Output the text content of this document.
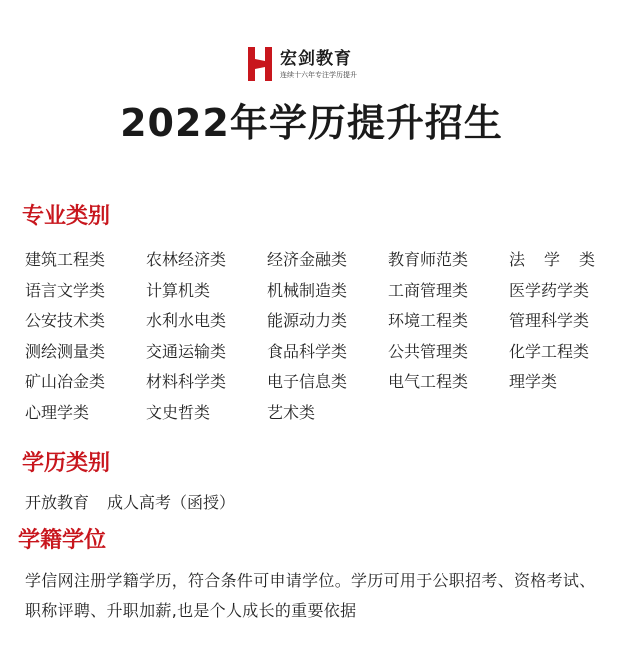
宏剑教育
连续十六年专注学历提升
2022年学历提升招生
专业类别
建筑工程类	农林经济类	经济金融类	教育师范类	法 学 类
语言文学类	计算机类	机械制造类	工商管理类	医学药学类
公安技术类	水利水电类	能源动力类	环境工程类	管理科学类
测绘测量类	交通运输类	食品科学类	公共管理类	化学工程类
矿山冶金类	材料科学类	电子信息类	电气工程类	理学类
心理学类	文史哲类	艺术类
学历类别
开放教育 成人高考（函授）
学籍学位
学信网注册学籍学历，符合条件可申请学位。学历可用于公职招考、资格考试、职称评聘、升职加薪,也是个人成长的重要依据
